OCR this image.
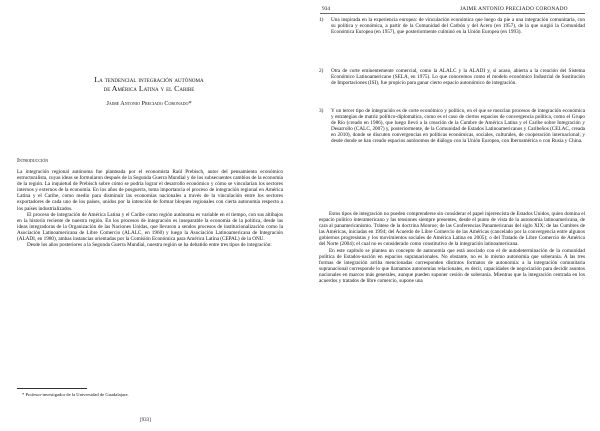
La tendencial integración autónoma
de América Latina y el Caribe
Jaime Antonio Preciado Coronado*
Introducción

La integración regional autónoma fue planteada por el economista Raúl Prebisch, autor del pensamiento económico estructuralista, cuyas ideas se formularon después de la Segunda Guerra Mundial y de los subsecuentes cambios de la economía de la región. La inquietud de Prebisch sobre cómo se podría lograr el desarrollo económico y cómo se vincularían los sectores internos y externos de la economía. En los años de posguerra, toma importancia el proceso de integración regional en América Latina y el Caribe, como medio para disminuir las economías nacionales a través de la vinculación entre los sectores exportadores de cada uno de los países, unidos por la intención de formar bloques regionales con cierta autonomía respecto a los países industrializados.

El proceso de integración de América Latina y el Caribe como región autónoma es variable en el tiempo, con sus altibajos en la historia reciente de nuestra región. En los procesos de integración es inseparable la economía de la política, desde las ideas integradoras de la Organización de las Naciones Unidas, que llevaron a sendos procesos de institucionalización como la Asociación Latinoamericana de Libre Comercio (ALALC, en 1960) y luego la Asociación Latinoamericana de Integración (ALADI, en 1980), ambas instancias orientadas por la Comisión Económica para América Latina (CEPAL) de la ONU.

Desde los años posteriores a la Segunda Guerra Mundial, nuestra región se ha debatido entre tres tipos de integración:

* Profesor-investigador de la Universidad de Guadalajara.
[933]
934	JAIME ANTONIO PRECIADO CORONADO
1)	Una inspirada en la experiencia europea: de vinculación económica que luego da pie a una integración comunitaria, con su política y económica, a partir de la Comunidad del Carbón y del Acero (en 1957), de la que surgió la Comunidad Económica Europea (en 1957), que posteriormente culminó en la Unión Europea (en 1993).
2)	Otra de corte eminentemente comercial, como la ALALC y la ALADI y, si acaso, abierta a la creación del Sistema Económico Latinoamericano (SELA, en 1975). Lo que conocemos como el modelo económico Industrial de Sustitución de Importaciones (ISI), fue propicio para ganar cierto espacio autonómico de integración.
3)	Y un tercer tipo de integración es de corte económico y político, en el que se mezclan procesos de integración económica y estrategias de matriz político-diplomática, como es el caso de ciertos espacios de convergencia política, como el Grupo de Río (creado en 1986), que luego llevó a la creación de la Cumbre de América Latina y el Caribe sobre Integración y Desarrollo (CALC, 2007) y, posteriormente, de la Comunidad de Estados Latinoamericanos y Caribeños (CELAC, creada en 2010), donde se discuten convergencias en políticas económicas, sociales, culturales, de cooperación internacional; y desde donde se han creado espacios autónomos de diálogo con la Unión Europea, con Iberoamérica o con Rusia y China.

Estos tipos de integración no pueden comprenderse sin considerar el papel injerencista de Estados Unidos, quien domina el espacio político interamericano y las tensiones siempre presentes, desde el punto de vista de la autonomía latinoamericana, de cara al panamericanismo. Trátese de la doctrina Monroe; de las Conferencias Panamericanas del siglo XIX; de las Cumbres de las Américas, iniciadas en 1994; del Acuerdo de Libre Comercio de las Américas (cancelado por la convergencia entre algunos gobiernos progresistas y los movimientos sociales de América Latina en 2005); o del Tratado de Libre Comercio de América del Norte (2004); el cual no es considerado como constitutivo de la integración latinoamericana.

En este capítulo se plantea un concepto de autonomía que está asociado con el de autodeterminación de la comunidad política de Estados-nación en espacios supranacionales. No obstante, no es lo mismo autonomía que soberanía. A las tres formas de integración arriba mencionadas corresponden distintos formatos de autonomía: a la integración comunitaria supranacional corresponde lo que llamamos autonomías relacionales, es decir, capacidades de negociación para decidir asuntos nacionales en marcos más generales, aunque pueden suponer cesión de soberanía. Mientras que la integración centrada en los acuerdos y tratados de libre comercio, supone una
